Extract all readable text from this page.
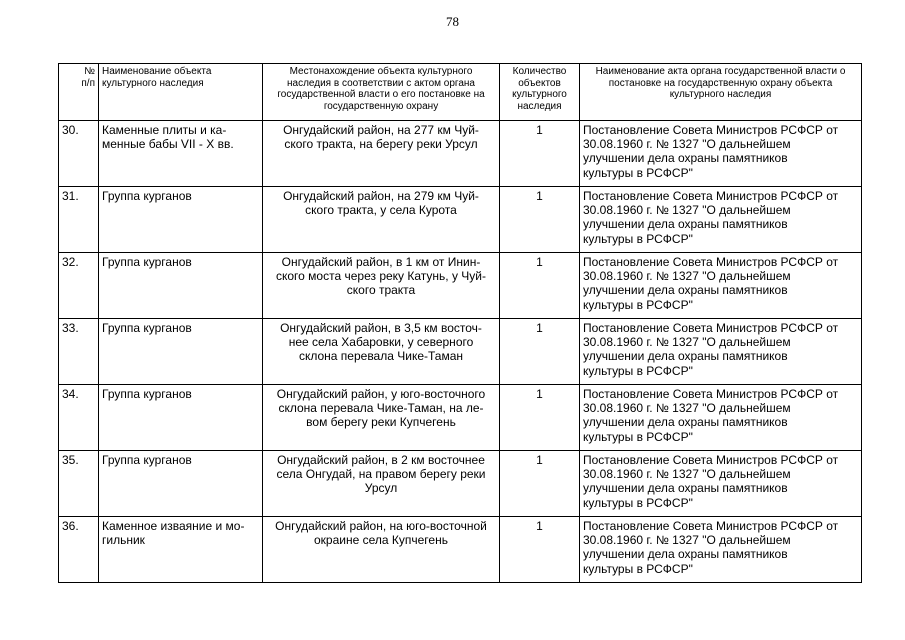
78
№
п/п	Наименование объекта
культурного наследия	Местонахождение объекта культурного
наследия в соответствии с актом органа
государственной власти о его постановке на
государственную охрану	Количество
объектов
культурного
наследия	Наименование акта органа государственной власти о
постановке на государственную охрану объекта
культурного наследия
30.	Каменные плиты и ка-
менные бабы VII - X вв.	Онгудайский район, на 277 км Чуй-
ского тракта, на берегу реки Урсул	1	Постановление Совета Министров РСФСР от
30.08.1960 г. № 1327 "О дальнейшем
улучшении дела охраны памятников
культуры в РСФСР"
31.	Группа курганов	Онгудайский район, на 279 км Чуй-
ского тракта, у села Курота	1	Постановление Совета Министров РСФСР от
30.08.1960 г. № 1327 "О дальнейшем
улучшении дела охраны памятников
культуры в РСФСР"
32.	Группа курганов	Онгудайский район, в 1 км от Инин-
ского моста через реку Катунь, у Чуй-
ского тракта	1	Постановление Совета Министров РСФСР от
30.08.1960 г. № 1327 "О дальнейшем
улучшении дела охраны памятников
культуры в РСФСР"
33.	Группа курганов	Онгудайский район, в 3,5 км восточ-
нее села Хабаровки, у северного
склона перевала Чике-Таман	1	Постановление Совета Министров РСФСР от
30.08.1960 г. № 1327 "О дальнейшем
улучшении дела охраны памятников
культуры в РСФСР"
34.	Группа курганов	Онгудайский район, у юго-восточного
склона перевала Чике-Таман, на ле-
вом берегу реки Купчегень	1	Постановление Совета Министров РСФСР от
30.08.1960 г. № 1327 "О дальнейшем
улучшении дела охраны памятников
культуры в РСФСР"
35.	Группа курганов	Онгудайский район, в 2 км восточнее
села Онгудай, на правом берегу реки
Урсул	1	Постановление Совета Министров РСФСР от
30.08.1960 г. № 1327 "О дальнейшем
улучшении дела охраны памятников
культуры в РСФСР"
36.	Каменное изваяние и мо-
гильник	Онгудайский район, на юго-восточной
окраине села Купчегень	1	Постановление Совета Министров РСФСР от
30.08.1960 г. № 1327 "О дальнейшем
улучшении дела охраны памятников
культуры в РСФСР"
